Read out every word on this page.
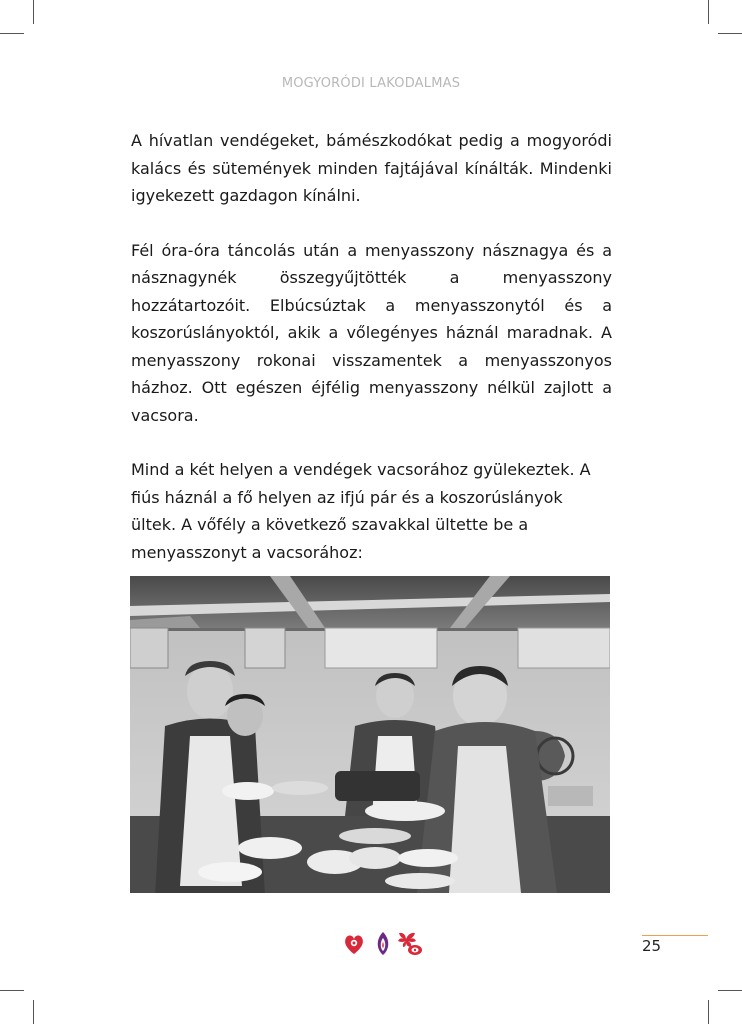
MOGYORÓDI LAKODALMAS

A hívatlan vendégeket, bámészkodókat pedig a mogyoródi kalács és sütemények minden fajtájával kínálták. Mindenki igyekezett gazdagon kínálni.

Fél óra-óra táncolás után a menyasszony násznagya és a násznagynék összegyűjtötték a menyasszony hozzátartozóit. Elbúcsúztak a menyasszonytól és a koszorúslányoktól, akik a vőlegényes háznál maradnak. A menyasszony rokonai visszamentek a menyasszonyos házhoz. Ott egészen éjfélig menyasszony nélkül zajlott a vacsora.

Mind a két helyen a vendégek vacsorához gyülekeztek. A fiús háznál a fő helyen az ifjú pár és a koszorúslányok ültek. A vőfély a következő szavakkal ültette be a menyasszonyt a vacsorához:

25
